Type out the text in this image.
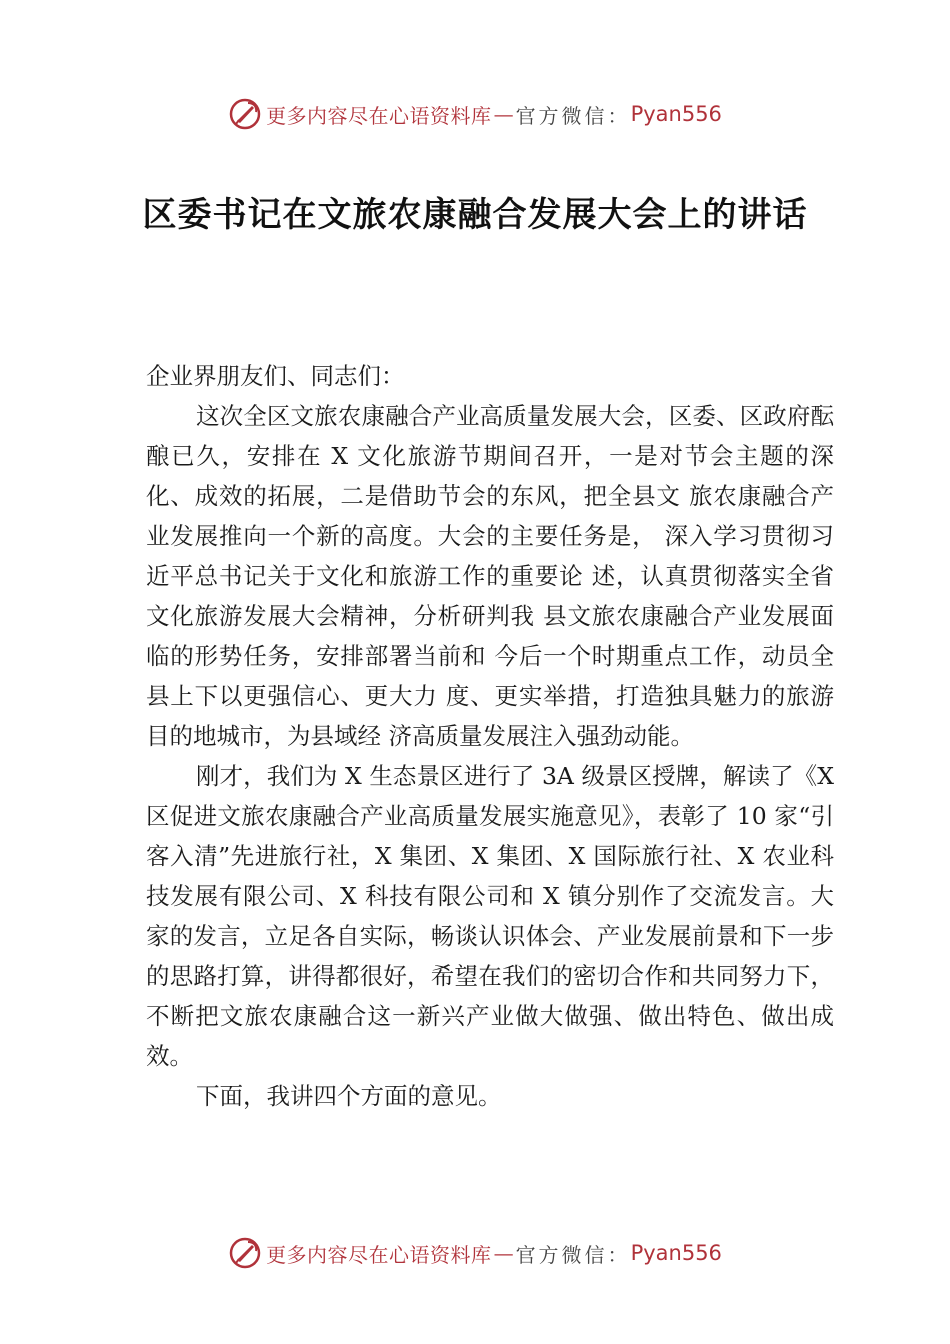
更多内容尽在心语资料库 — 官方微信： Pyan556
区委书记在文旅农康融合发展大会上的讲话

企业界朋友们、同志们：

这次全区文旅农康融合产业高质量发展大会，区委、区政府酝酿已久，安排在 X 文化旅游节期间召开，一是对节会主题的深化、成效的拓展，二是借助节会的东风，把全县文 旅农康融合产业发展推向一个新的高度。大会的主要任务是， 深入学习贯彻习近平总书记关于文化和旅游工作的重要论 述，认真贯彻落实全省文化旅游发展大会精神，分析研判我 县文旅农康融合产业发展面临的形势任务，安排部署当前和 今后一个时期重点工作，动员全县上下以更强信心、更大力 度、更实举措，打造独具魅力的旅游目的地城市，为县域经 济高质量发展注入强劲动能。

刚才，我们为 X 生态景区进行了 3A 级景区授牌，解读了《X 区促进文旅农康融合产业高质量发展实施意见》，表彰了 10 家“引客入清”先进旅行社，X 集团、X 集团、X 国际旅行社、X 农业科技发展有限公司、X 科技有限公司和 X 镇分别作了交流发言。大家的发言，立足各自实际，畅谈认识体会、产业发展前景和下一步的思路打算，讲得都很好，希望在我们的密切合作和共同努力下，不断把文旅农康融合这一新兴产业做大做强、做出特色、做出成效。

下面，我讲四个方面的意见。

更多内容尽在心语资料库 — 官方微信： Pyan556
